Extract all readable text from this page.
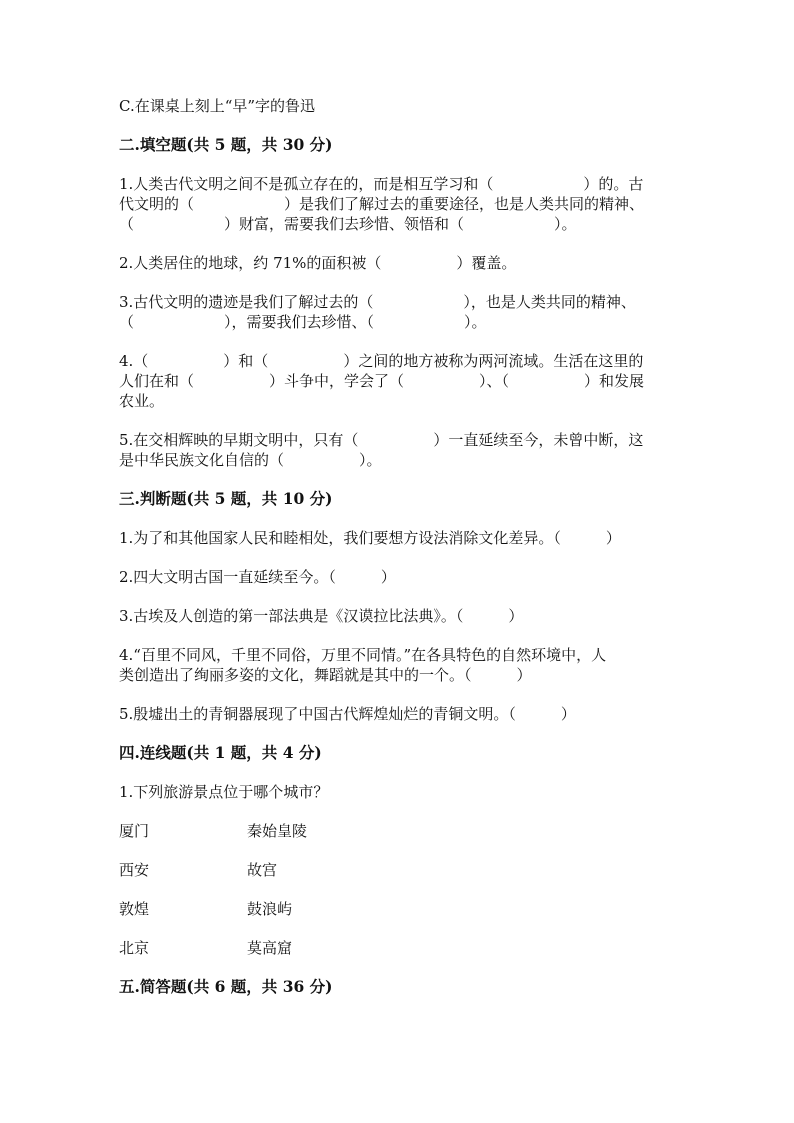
C.在课桌上刻上“早”字的鲁迅

二.填空题(共 5 题，共 30 分)

1.人类古代文明之间不是孤立存在的，而是相互学习和（　　　　　　）的。古

代文明的（　　　　　　）是我们了解过去的重要途径，也是人类共同的精神、

（　　　　　　）财富，需要我们去珍惜、领悟和（　　　　　　）。

2.人类居住的地球，约 71%的面积被（　　　　　）覆盖。

3.古代文明的遗迹是我们了解过去的（　　　　　　），也是人类共同的精神、

（　　　　　　），需要我们去珍惜、（　　　　　　）。

4.（　　　　　）和（　　　　　）之间的地方被称为两河流域。生活在这里的

人们在和（　　　　　）斗争中，学会了（　　　　　）、（　　　　　）和发展

农业。

5.在交相辉映的早期文明中，只有（　　　　　）一直延续至今，未曾中断，这

是中华民族文化自信的（　　　　　）。

三.判断题(共 5 题，共 10 分)

1.为了和其他国家人民和睦相处，我们要想方设法消除文化差异。（　　　）

2.四大文明古国一直延续至今。（　　　）

3.古埃及人创造的第一部法典是《汉谟拉比法典》。（　　　）

4.“百里不同风，千里不同俗，万里不同情。”在各具特色的自然环境中，人

类创造出了绚丽多姿的文化，舞蹈就是其中的一个。（　　　）

5.殷墟出土的青铜器展现了中国古代辉煌灿烂的青铜文明。（　　　）

四.连线题(共 1 题，共 4 分)

1.下列旅游景点位于哪个城市？

厦门	秦始皇陵
西安	故宫
敦煌	鼓浪屿
北京	莫高窟

五.简答题(共 6 题，共 36 分)
